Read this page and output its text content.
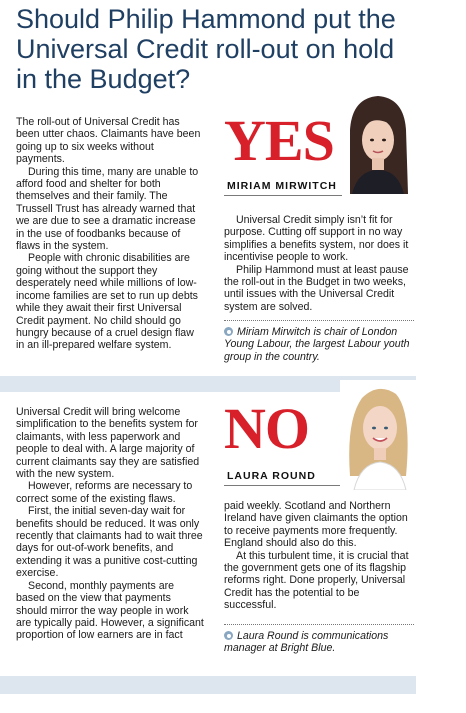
Should Philip Hammond put the Universal Credit roll-out on hold in the Budget?

The roll-out of Universal Credit has been utter chaos. Claimants have been going up to six weeks without payments.

During this time, many are unable to afford food and shelter for both themselves and their family. The Trussell Trust has already warned that we are due to see a dramatic increase in the use of foodbanks because of flaws in the system.

People with chronic disabilities are going without the support they desperately need while millions of low-income families are set to run up debts while they await their first Universal Credit payment. No child should go hungry because of a cruel design flaw in an ill-prepared welfare system.

YES
MIRIAM MIRWITCH

Universal Credit simply isn’t fit for purpose. Cutting off support in no way simplifies a benefits system, nor does it incentivise people to work.

Philip Hammond must at least pause the roll-out in the Budget in two weeks, until issues with the Universal Credit system are solved.

Miriam Mirwitch is chair of London Young Labour, the largest Labour youth group in the country.

Universal Credit will bring welcome simplification to the benefits system for claimants, with less paperwork and people to deal with. A large majority of current claimants say they are satisfied with the new system.

However, reforms are necessary to correct some of the existing flaws.

First, the initial seven-day wait for benefits should be reduced. It was only recently that claimants had to wait three days for out-of-work benefits, and extending it was a punitive cost-cutting exercise.

Second, monthly payments are based on the view that payments should mirror the way people in work are typically paid. However, a significant proportion of low earners are in fact

NO
LAURA ROUND

paid weekly. Scotland and Northern Ireland have given claimants the option to receive payments more frequently. England should also do this.

At this turbulent time, it is crucial that the government gets one of its flagship reforms right. Done properly, Universal Credit has the potential to be successful.

Laura Round is communications manager at Bright Blue.
